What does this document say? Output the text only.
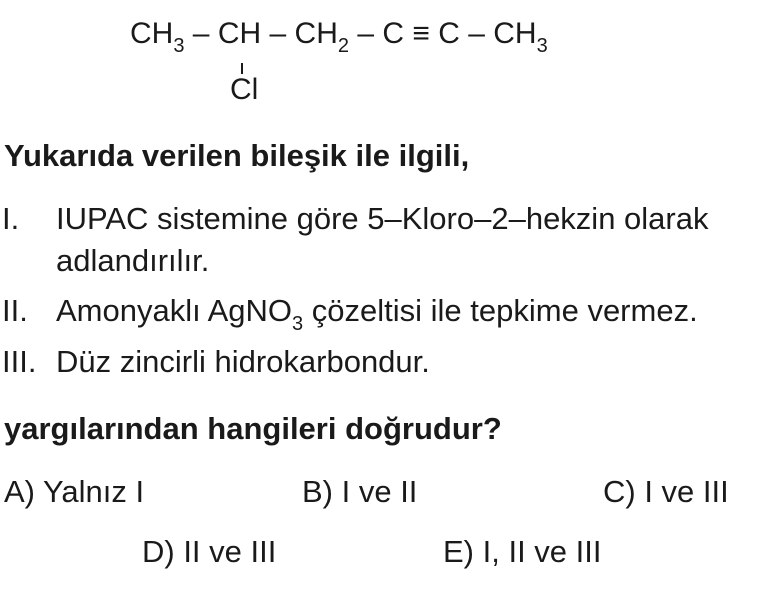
$CH_3$ – CH – $CH_2 - C \equiv C - CH_3$
Cl
Yukarıda verilen bileşik ile ilgili,
I. IUPAC sistemine göre 5–Kloro–2–hekzin olarak
adlandırılır.
II. Amonyaklı AgNO$_3$ çözeltisi ile tepkime vermez.
III. Düz zincirli hidrokarbondur.
yargılarından hangileri doğrudur?
A) Yalnız I	B) I ve II	C) I ve III
D) II ve III	E) I, II ve III
